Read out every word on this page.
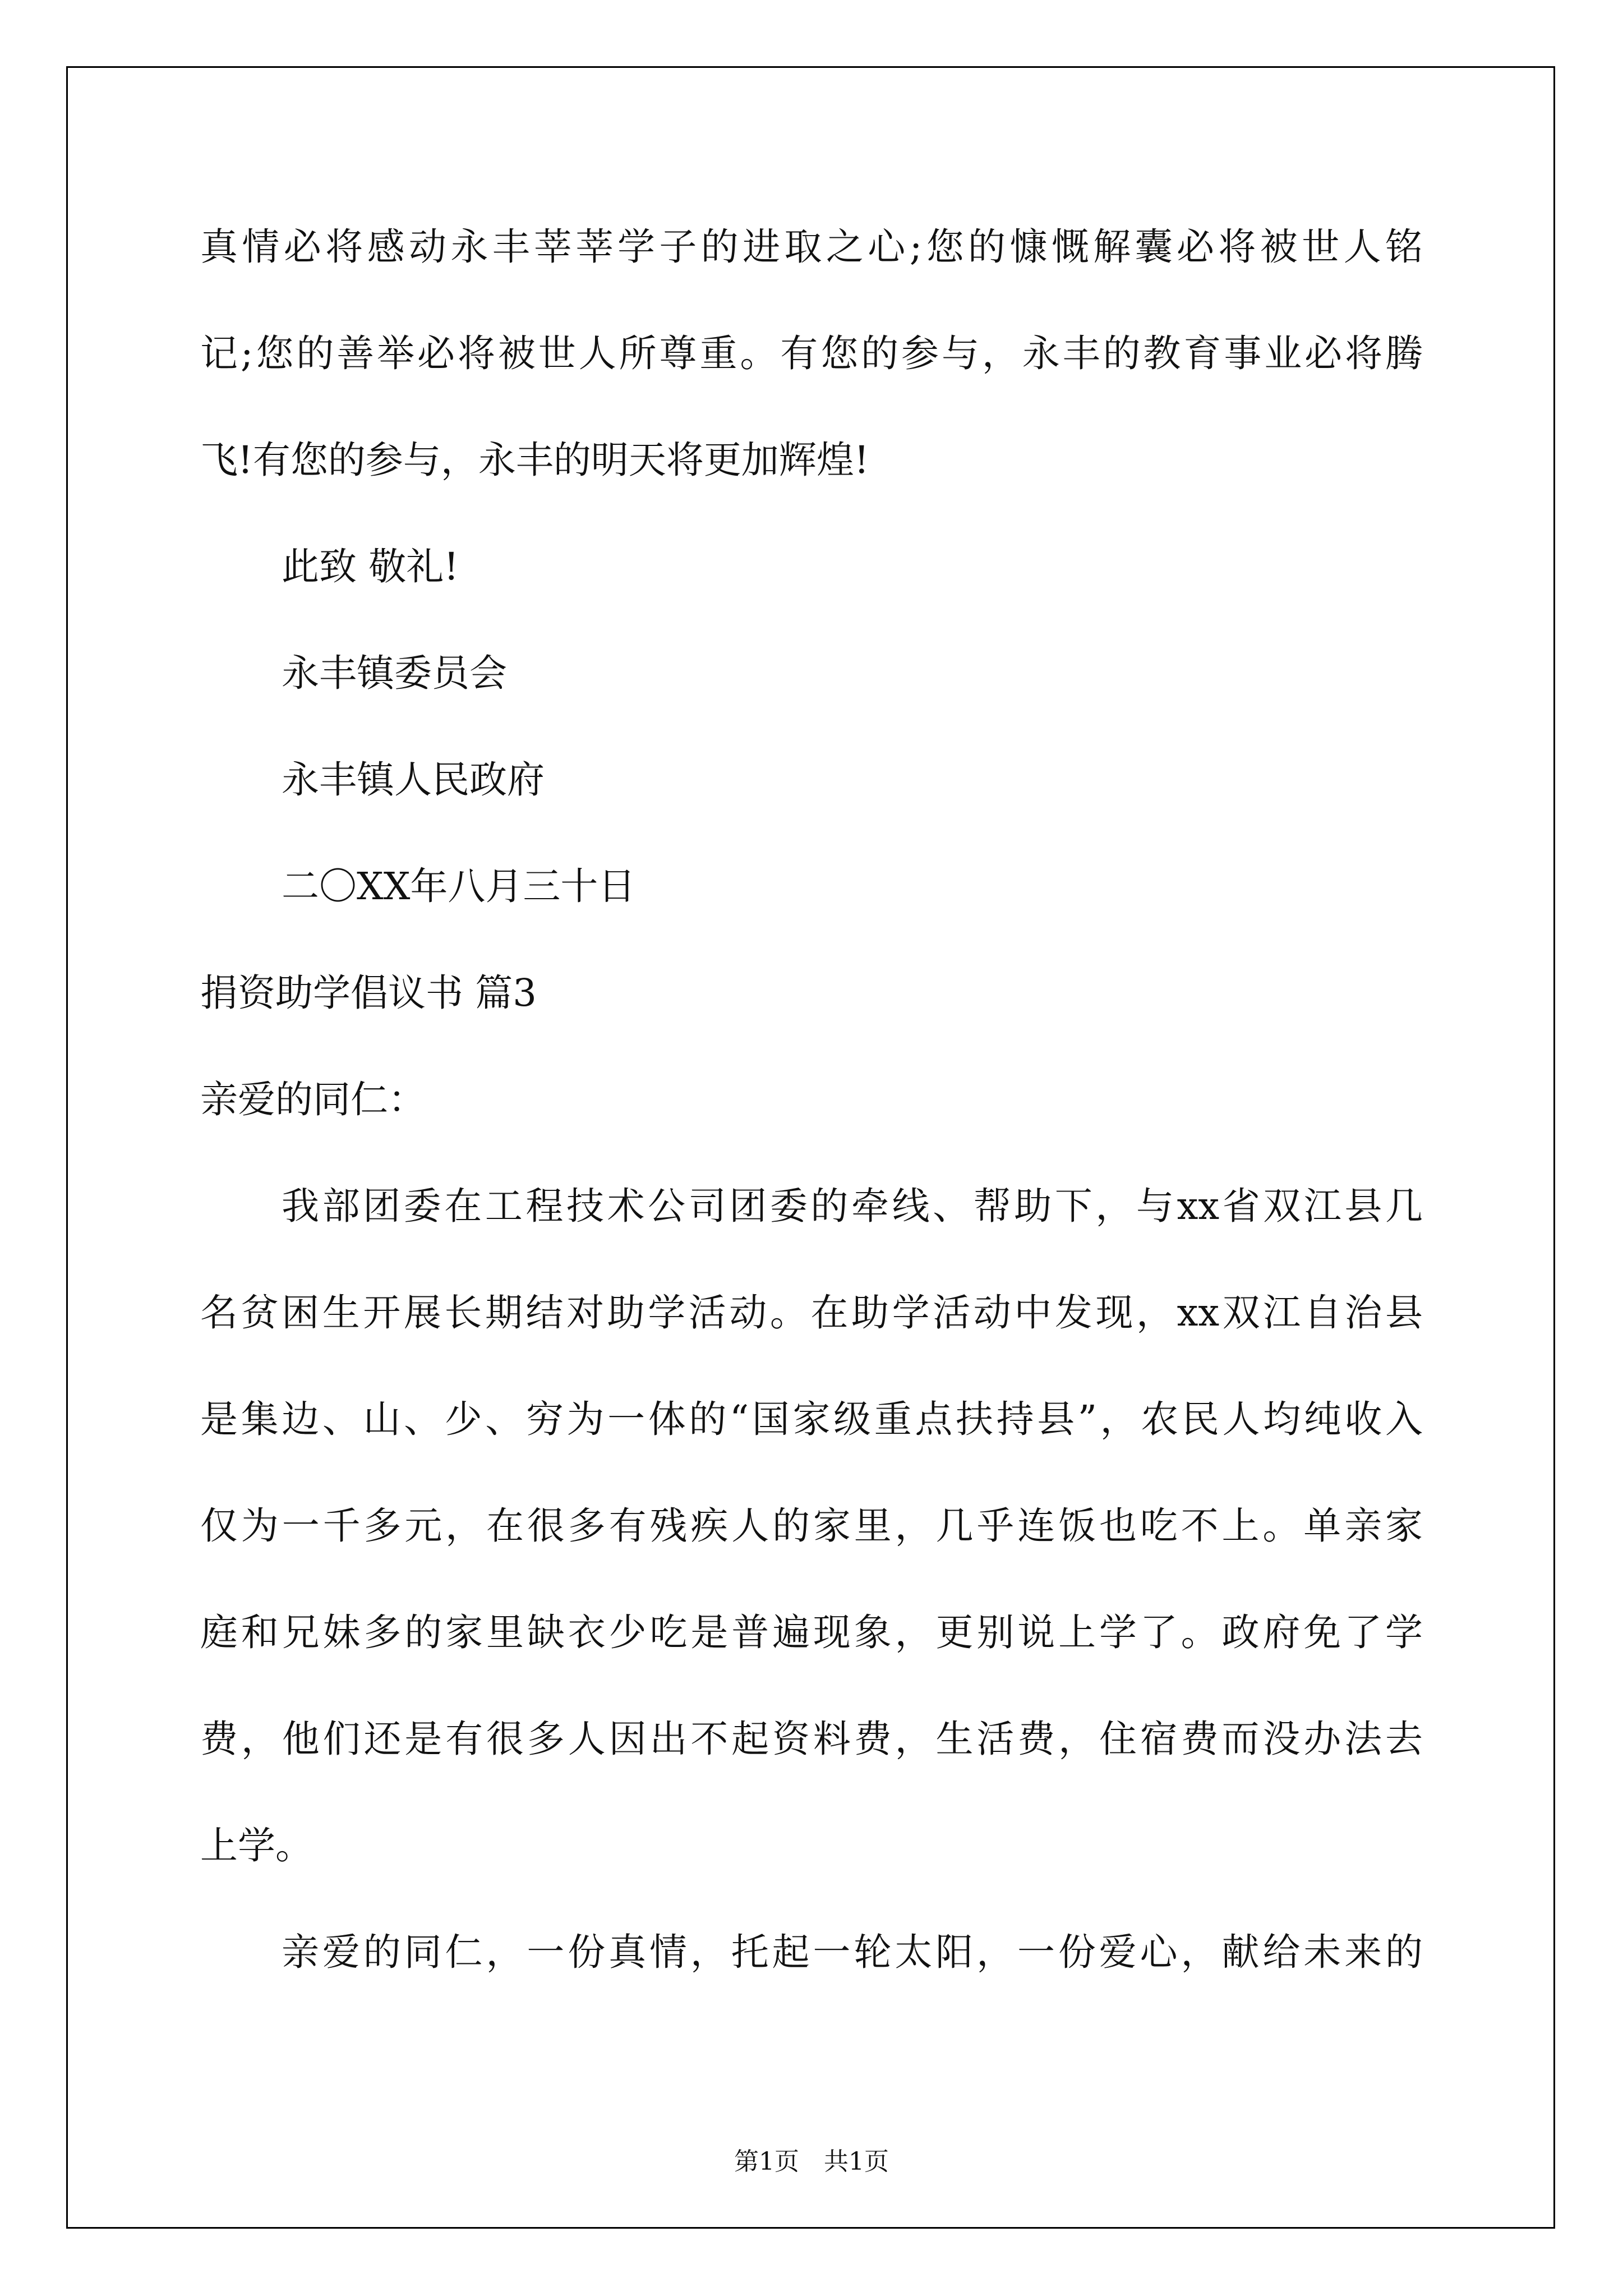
真情必将感动永丰莘莘学子的进取之心;您的慷慨解囊必将被世人铭

记;您的善举必将被世人所尊重。有您的参与，永丰的教育事业必将腾

飞!有您的参与，永丰的明天将更加辉煌!

此致 敬礼!

永丰镇委员会

永丰镇人民政府

二〇XX年八月三十日

捐资助学倡议书 篇3

亲爱的同仁：

我部团委在工程技术公司团委的牵线、帮助下，与xx省双江县几

名贫困生开展长期结对助学活动。在助学活动中发现，xx双江自治县

是集边、山、少、穷为一体的“国家级重点扶持县”，农民人均纯收入

仅为一千多元，在很多有残疾人的家里，几乎连饭也吃不上。单亲家

庭和兄妹多的家里缺衣少吃是普遍现象，更别说上学了。政府免了学

费，他们还是有很多人因出不起资料费，生活费，住宿费而没办法去

上学。

亲爱的同仁，一份真情，托起一轮太阳，一份爱心，献给未来的

第1页　共1页
